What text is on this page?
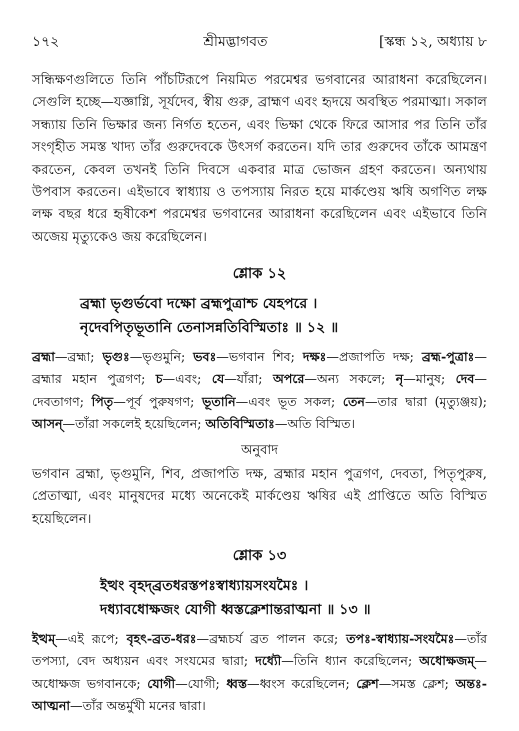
১৭২	শ্রীমদ্ভাগবত	[স্কন্ধ ১২, অধ্যায় ৮

সন্ধিক্ষণগুলিতে তিনি পাঁচটিরূপে নিয়মিত পরমেশ্বর ভগবানের আরাধনা করেছিলেন। সেগুলি হচ্ছে—যজ্ঞাগ্নি, সূর্যদেব, স্বীয় গুরু, ব্রাহ্মণ এবং হৃদয়ে অবস্থিত পরমাত্মা। সকাল সন্ধ্যায় তিনি ভিক্ষার জন্য নির্গত হতেন, এবং ভিক্ষা থেকে ফিরে আসার পর তিনি তাঁর সংগৃহীত সমস্ত খাদ্য তাঁর গুরুদেবকে উৎসর্গ করতেন। যদি তার গুরুদেব তাঁকে আমন্ত্রণ করতেন, কেবল তখনই তিনি দিবসে একবার মাত্র ভোজন গ্রহণ করতেন। অন্যথায় উপবাস করতেন। এইভাবে স্বাধ্যায় ও তপস্যায় নিরত হয়ে মার্কণ্ডেয় ঋষি অগণিত লক্ষ লক্ষ বছর ধরে হৃষীকেশ পরমেশ্বর ভগবানের আরাধনা করেছিলেন এবং এইভাবে তিনি অজেয় মৃত্যুকেও জয় করেছিলেন।

শ্লোক ১২

ব্রহ্মা ভৃগুর্ভবো দক্ষো ব্রহ্মপুত্রাশ্চ যেহপরে ।

নৃদেবপিতৃভূতানি তেনাসন্নতিবিস্মিতাঃ ॥ ১২ ॥

ব্রহ্মা—ব্রহ্মা; ভৃগুঃ—ভৃগুমুনি; ভবঃ—ভগবান শিব; দক্ষঃ—প্রজাপতি দক্ষ; ব্রহ্ম-পুত্রাঃ—ব্রহ্মার মহান পুত্রগণ; চ—এবং; যে—যাঁরা; অপরে—অন্য সকলে; নৃ—মানুষ; দেব—দেবতাগণ; পিতৃ—পূর্ব পুরুষগণ; ভূতানি—এবং ভূত সকল; তেন—তার দ্বারা (মৃত্যুঞ্জয়); আসন্—তাঁরা সকলেই হয়েছিলেন; অতিবিস্মিতাঃ—অতি বিস্মিত।

অনুবাদ

ভগবান ব্রহ্মা, ভৃগুমুনি, শিব, প্রজাপতি দক্ষ, ব্রহ্মার মহান পুত্রগণ, দেবতা, পিতৃপুরুষ, প্রেতাত্মা, এবং মানুষদের মধ্যে অনেকেই মার্কণ্ডেয় ঋষির এই প্রাপ্তিতে অতি বিস্মিত হয়েছিলেন।

শ্লোক ১৩

ইত্থং বৃহদ্‌ব্রতধরস্তপঃস্বাধ্যায়সংযমৈঃ ।

দধ্যাবধোক্ষজং যোগী ধ্বস্তক্লেশান্তরাত্মনা ॥ ১৩ ॥

ইত্থম্—এই রূপে; বৃহৎ-ব্রত-ধরঃ—ব্রহ্মচর্য ব্রত পালন করে; তপঃ-স্বাধ্যায়-সংযমৈঃ—তাঁর তপস্যা, বেদ অধ্যয়ন এবং সংযমের দ্বারা; দধ্যৌ—তিনি ধ্যান করেছিলেন; অধোক্ষজম্—অধোক্ষজ ভগবানকে; যোগী—যোগী; ধ্বস্ত—ধ্বংস করেছিলেন; ক্লেশ—সমস্ত ক্লেশ; অন্তঃ-আত্মনা—তাঁর অন্তর্মুখী মনের দ্বারা।
